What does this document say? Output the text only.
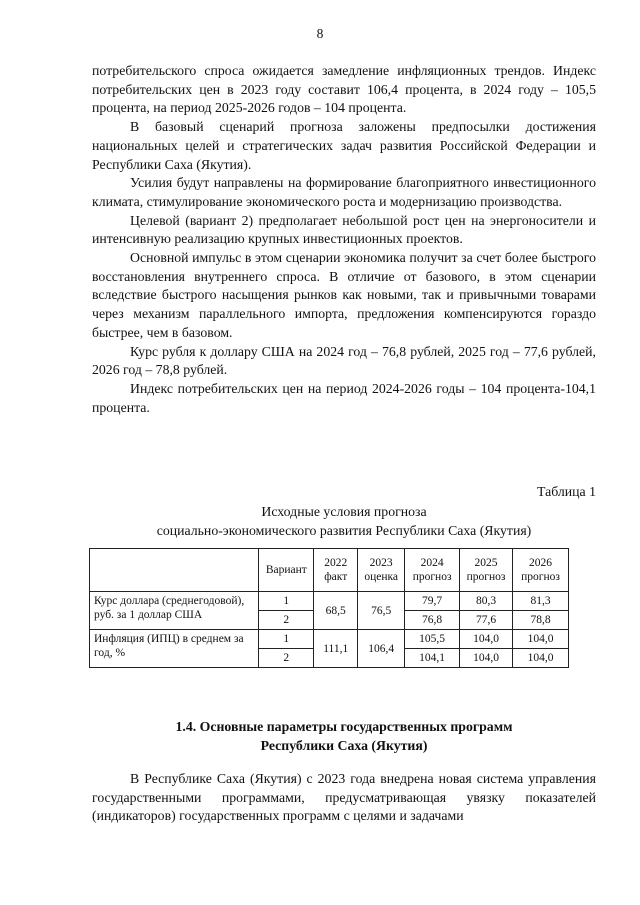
8

потребительского спроса ожидается замедление инфляционных трендов. Индекс потребительских цен в 2023 году составит 106,4 процента, в 2024 году – 105,5 процента, на период 2025-2026 годов – 104 процента.

В базовый сценарий прогноза заложены предпосылки достижения национальных целей и стратегических задач развития Российской Федерации и Республики Саха (Якутия).

Усилия будут направлены на формирование благоприятного инвестиционного климата, стимулирование экономического роста и модернизацию производства.

Целевой (вариант 2) предполагает небольшой рост цен на энергоносители и интенсивную реализацию крупных инвестиционных проектов.

Основной импульс в этом сценарии экономика получит за счет более быстрого восстановления внутреннего спроса. В отличие от базового, в этом сценарии вследствие быстрого насыщения рынков как новыми, так и привычными товарами через механизм параллельного импорта, предложения компенсируются гораздо быстрее, чем в базовом.

Курс рубля к доллару США на 2024 год – 76,8 рублей, 2025 год – 77,6 рублей, 2026 год – 78,8 рублей.

Индекс потребительских цен на период 2024-2026 годы – 104 процента-104,1 процента.

Таблица 1
Исходные условия прогноза
социально-экономического развития Республики Саха (Якутия)
	Вариант	2022 факт	2023 оценка	2024 прогноз	2025 прогноз	2026 прогноз
Курс доллара (среднегодовой), руб. за 1 доллар США	1	68,5	76,5	79,7	80,3	81,3
	2			76,8	77,6	78,8
Инфляция (ИПЦ) в среднем за год, %	1	111,1	106,4	105,5	104,0	104,0
	2			104,1	104,0	104,0
1.4. Основные параметры государственных программ
Республики Саха (Якутия)

В Республике Саха (Якутия) с 2023 года внедрена новая система управления государственными программами, предусматривающая увязку показателей (индикаторов) государственных программ с целями и задачами
